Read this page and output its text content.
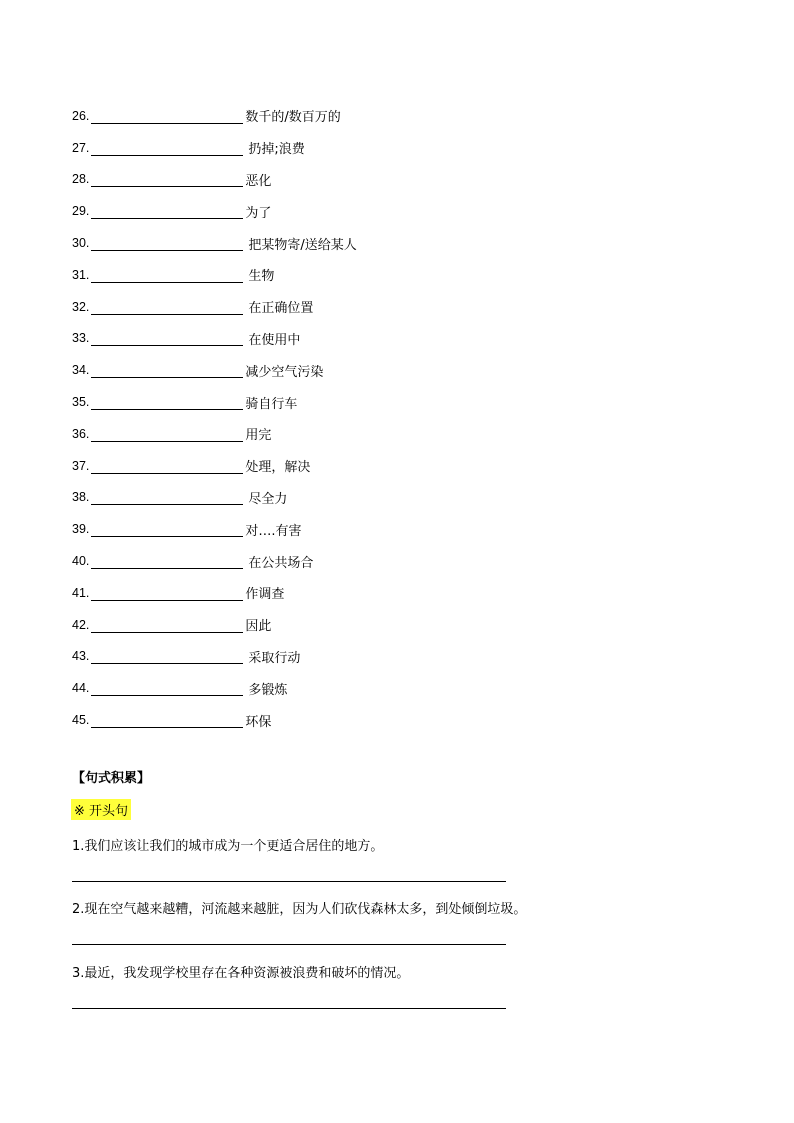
26.	数千的/数百万的
27.	扔掉;浪费
28.	恶化
29.	为了
30.	把某物寄/送给某人
31.	生物
32.	在正确位置
33.	在使用中
34.	减少空气污染
35.	骑自行车
36.	用完
37.	处理，解决
38.	尽全力
39.	对….有害
40.	在公共场合
41.	作调查
42.	因此
43.	采取行动
44.	多锻炼
45.	环保
【句式积累】
※ 开头句
1.我们应该让我们的城市成为一个更适合居住的地方。
2.现在空气越来越糟，河流越来越脏，因为人们砍伐森林太多，到处倾倒垃圾。
3.最近，我发现学校里存在各种资源被浪费和破坏的情况。
